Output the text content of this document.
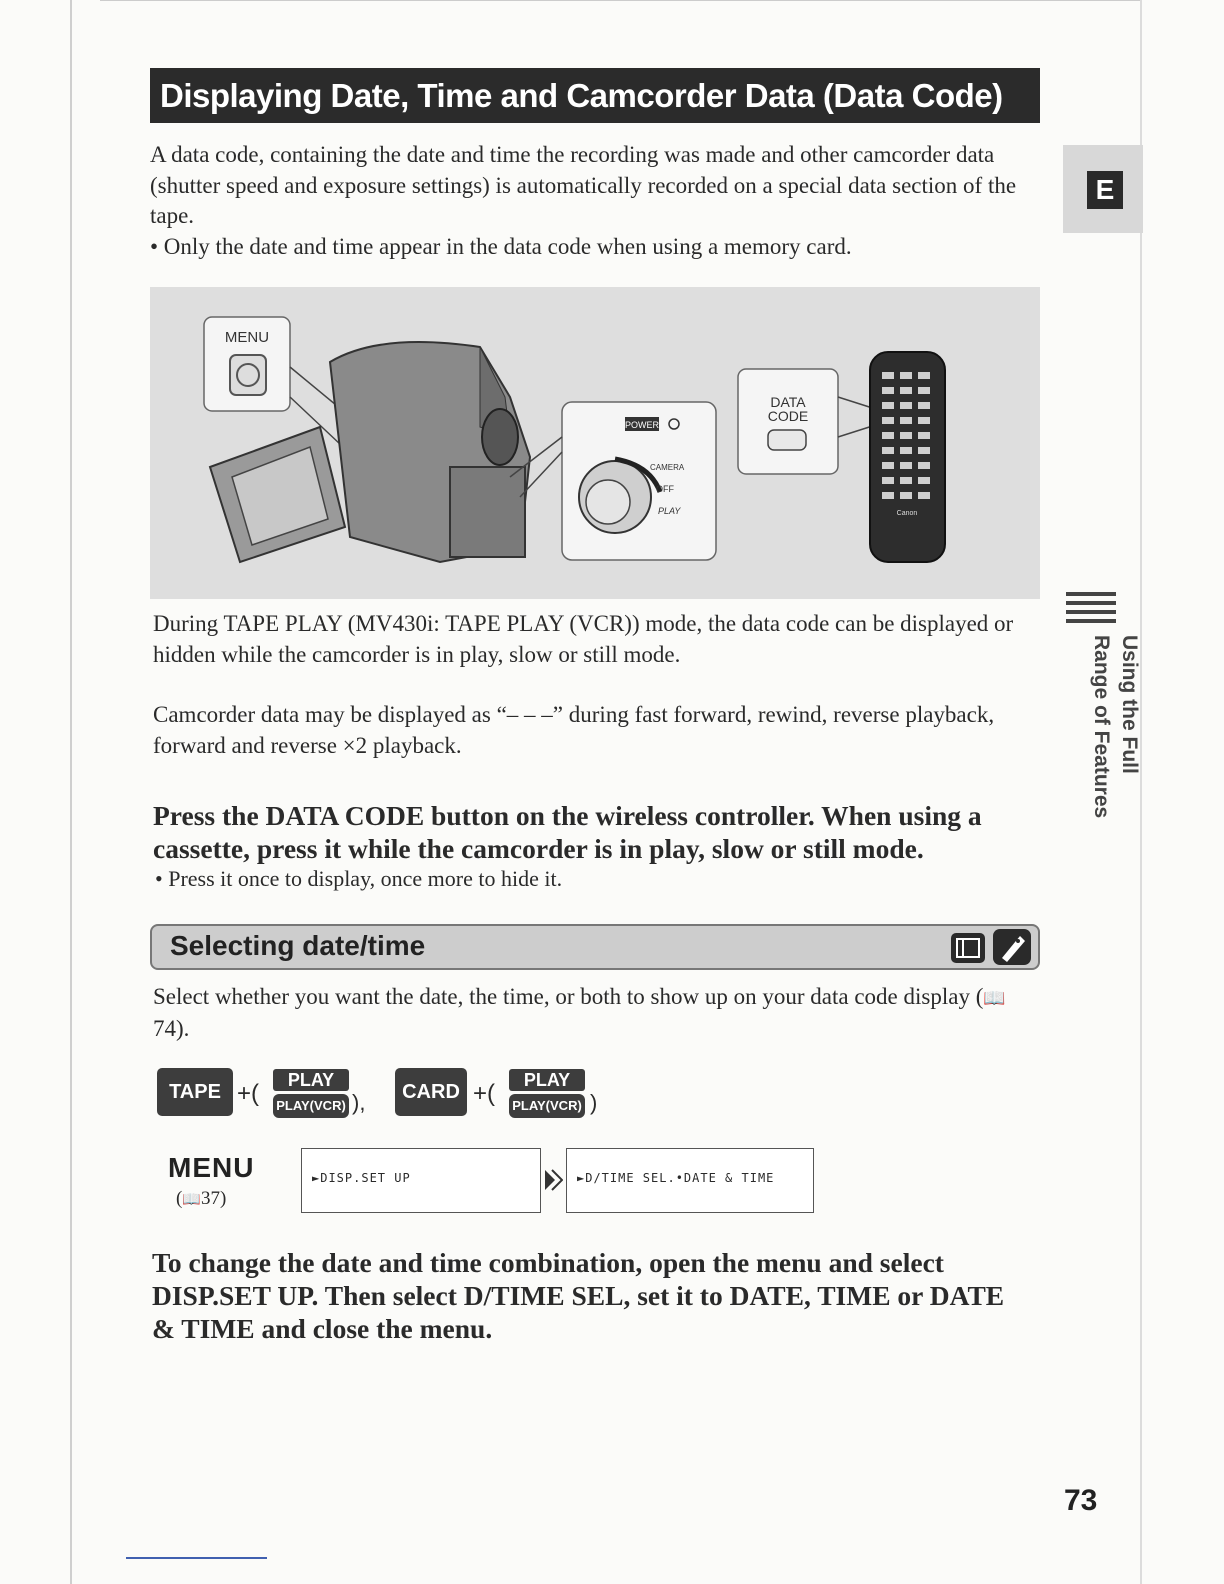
Displaying Date, Time and Camcorder Data (Data Code)
A data code, containing the date and time the recording was made and other camcorder data (shutter speed and exposure settings) is automatically recorded on a special data section of the tape.
• Only the date and time appear in the data code when using a memory card.
MENU
POWER
CAMERA
OFF
PLAY
DATA
CODE
Canon
During TAPE PLAY (MV430i: TAPE PLAY (VCR)) mode, the data code can be displayed or hidden while the camcorder is in play, slow or still mode.
Camcorder data may be displayed as “– – –” during fast forward, rewind, reverse playback, forward and reverse ×2 playback.
Press the DATA CODE button on the wireless controller. When using a cassette, press it while the camcorder is in play, slow or still mode.
• Press it once to display, once more to hide it.
Selecting date/time
Select whether you want the date, the time, or both to show up on your data code display (📖74).
TAPE +(	PLAY
PLAY(VCR) ),	CARD +(	PLAY
PLAY(VCR) )
MENU
(📖37)
►DISP.SET UP	►D/TIME SEL.•DATE & TIME
To change the date and time combination, open the menu and select DISP.SET UP. Then select D/TIME SEL, set it to DATE, TIME or DATE & TIME and close the menu.
E
Using the Full
Range of Features
73
